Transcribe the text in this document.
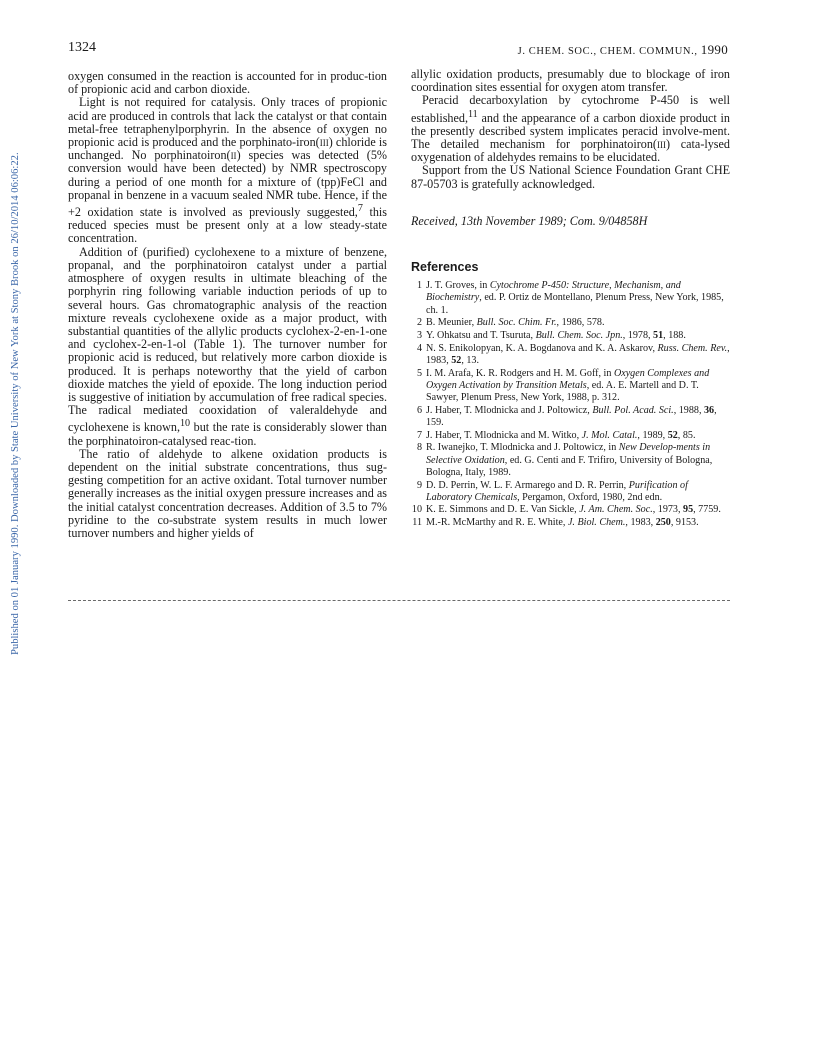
Published on 01 January 1990. Downloaded by State University of New York at Stony Brook on 26/10/2014 06:06:22.
1324	J. CHEM. SOC., CHEM. COMMUN., 1990

oxygen consumed in the reaction is accounted for in produc-tion of propionic acid and carbon dioxide.

Light is not required for catalysis. Only traces of propionic acid are produced in controls that lack the catalyst or that contain metal-free tetraphenylporphyrin. In the absence of oxygen no propionic acid is produced and the porphinato-iron(iii) chloride is unchanged. No porphinatoiron(ii) species was detected (5% conversion would have been detected) by NMR spectroscopy during a period of one month for a mixture of (tpp)FeCl and propanal in benzene in a vacuum sealed NMR tube. Hence, if the +2 oxidation state is involved as previously suggested,$^7$ this reduced species must be present only at a low steady-state concentration.

Addition of (purified) cyclohexene to a mixture of benzene, propanal, and the porphinatoiron catalyst under a partial atmosphere of oxygen results in ultimate bleaching of the porphyrin ring following variable induction periods of up to several hours. Gas chromatographic analysis of the reaction mixture reveals cyclohexene oxide as a major product, with substantial quantities of the allylic products cyclohex-2-en-1-one and cyclohex-2-en-1-ol (Table 1). The turnover number for propionic acid is reduced, but relatively more carbon dioxide is produced. It is perhaps noteworthy that the yield of carbon dioxide matches the yield of epoxide. The long induction period is suggestive of initiation by accumulation of free radical species. The radical mediated cooxidation of valeraldehyde and cyclohexene is known,$^{10}$ but the rate is considerably slower than the porphinatoiron-catalysed reac-tion.

The ratio of aldehyde to alkene oxidation products is dependent on the initial substrate concentrations, thus sug-gesting competition for an active oxidant. Total turnover number generally increases as the initial oxygen pressure increases and as the initial catalyst concentration decreases. Addition of 3.5 to 7% pyridine to the co-substrate system results in much lower turnover numbers and higher yields of

allylic oxidation products, presumably due to blockage of iron coordination sites essential for oxygen atom transfer.

Peracid decarboxylation by cytochrome P-450 is well established,$^{11}$ and the appearance of a carbon dioxide product in the presently described system implicates peracid involve-ment. The detailed mechanism for porphinatoiron(iii) cata-lysed oxygenation of aldehydes remains to be elucidated.

Support from the US National Science Foundation Grant CHE 87-05703 is gratefully acknowledged.

Received, 13th November 1989; Com. 9/04858H

References
1 J. T. Groves, in Cytochrome P-450: Structure, Mechanism, and Biochemistry, ed. P. Ortiz de Montellano, Plenum Press, New York, 1985, ch. 1.
2 B. Meunier, Bull. Soc. Chim. Fr., 1986, 578.
3 Y. Ohkatsu and T. Tsuruta, Bull. Chem. Soc. Jpn., 1978, 51, 188.
4 N. S. Enikolopyan, K. A. Bogdanova and K. A. Askarov, Russ. Chem. Rev., 1983, 52, 13.
5 I. M. Arafa, K. R. Rodgers and H. M. Goff, in Oxygen Complexes and Oxygen Activation by Transition Metals, ed. A. E. Martell and D. T. Sawyer, Plenum Press, New York, 1988, p. 312.
6 J. Haber, T. Mlodnicka and J. Poltowicz, Bull. Pol. Acad. Sci., 1988, 36, 159.
7 J. Haber, T. Mlodnicka and M. Witko, J. Mol. Catal., 1989, 52, 85.
8 R. Iwanejko, T. Mlodnicka and J. Poltowicz, in New Develop-ments in Selective Oxidation, ed. G. Centi and F. Trifiro, University of Bologna, Bologna, Italy, 1989.
9 D. D. Perrin, W. L. F. Armarego and D. R. Perrin, Purification of Laboratory Chemicals, Pergamon, Oxford, 1980, 2nd edn.
10 K. E. Simmons and D. E. Van Sickle, J. Am. Chem. Soc., 1973, 95, 7759.
11 M.-R. McMarthy and R. E. White, J. Biol. Chem., 1983, 250, 9153.
